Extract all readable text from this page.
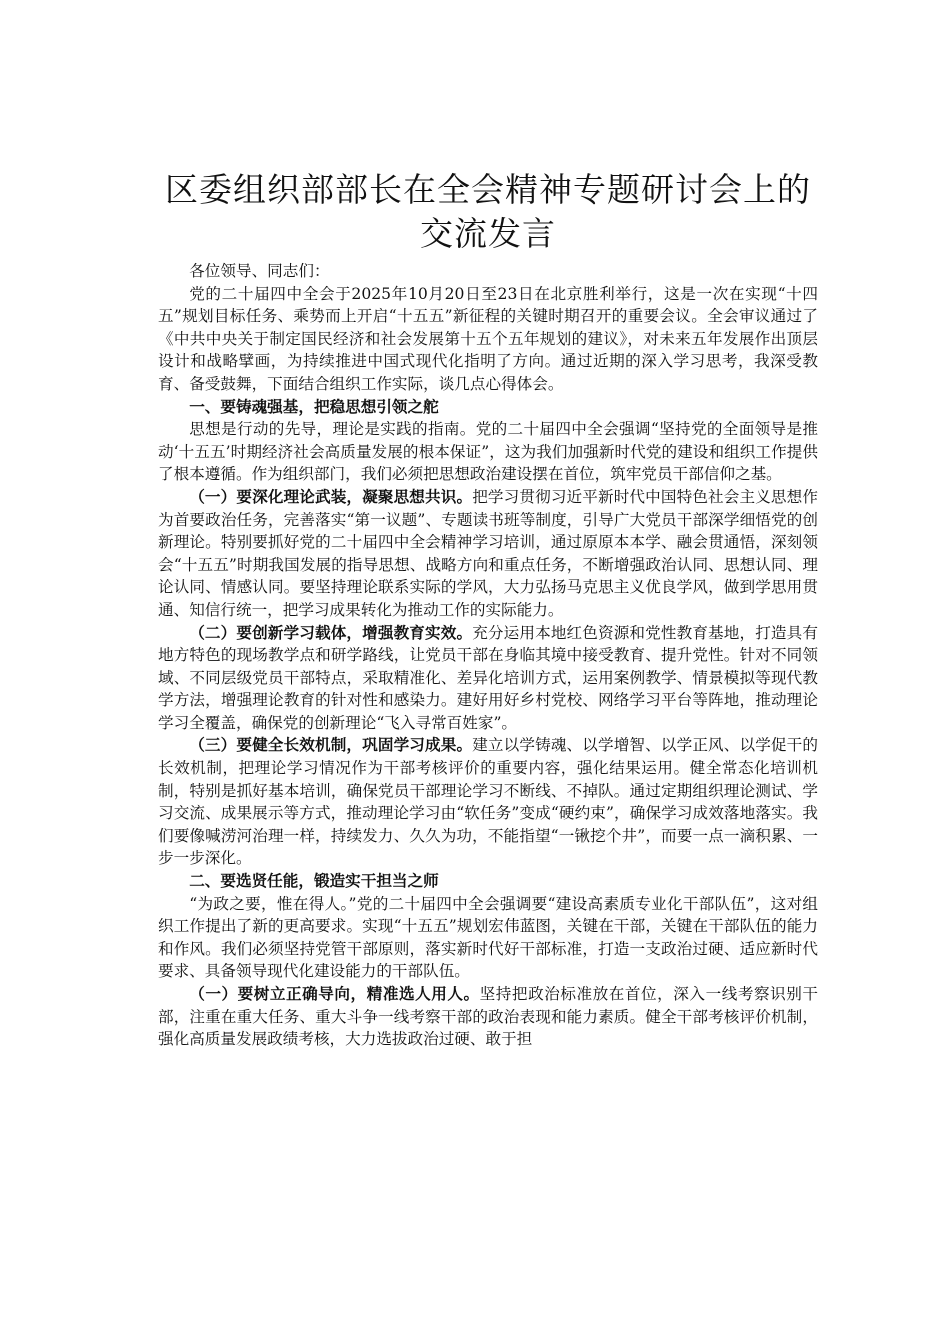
区委组织部部长在全会精神专题研讨会上的交流发言

各位领导、同志们：

党的二十届四中全会于2025年10月20日至23日在北京胜利举行，这是一次在实现“十四五”规划目标任务、乘势而上开启“十五五”新征程的关键时期召开的重要会议。全会审议通过了《中共中央关于制定国民经济和社会发展第十五个五年规划的建议》，对未来五年发展作出顶层设计和战略擘画，为持续推进中国式现代化指明了方向。通过近期的深入学习思考，我深受教育、备受鼓舞，下面结合组织工作实际，谈几点心得体会。

一、要铸魂强基，把稳思想引领之舵

思想是行动的先导，理论是实践的指南。党的二十届四中全会强调“坚持党的全面领导是推动‘十五五’时期经济社会高质量发展的根本保证”，这为我们加强新时代党的建设和组织工作提供了根本遵循。作为组织部门，我们必须把思想政治建设摆在首位，筑牢党员干部信仰之基。

（一）要深化理论武装，凝聚思想共识。把学习贯彻习近平新时代中国特色社会主义思想作为首要政治任务，完善落实“第一议题”、专题读书班等制度，引导广大党员干部深学细悟党的创新理论。特别要抓好党的二十届四中全会精神学习培训，通过原原本本学、融会贯通悟，深刻领会“十五五”时期我国发展的指导思想、战略方向和重点任务，不断增强政治认同、思想认同、理论认同、情感认同。要坚持理论联系实际的学风，大力弘扬马克思主义优良学风，做到学思用贯通、知信行统一，把学习成果转化为推动工作的实际能力。

（二）要创新学习载体，增强教育实效。充分运用本地红色资源和党性教育基地，打造具有地方特色的现场教学点和研学路线，让党员干部在身临其境中接受教育、提升党性。针对不同领域、不同层级党员干部特点，采取精准化、差异化培训方式，运用案例教学、情景模拟等现代教学方法，增强理论教育的针对性和感染力。建好用好乡村党校、网络学习平台等阵地，推动理论学习全覆盖，确保党的创新理论“飞入寻常百姓家”。

（三）要健全长效机制，巩固学习成果。建立以学铸魂、以学增智、以学正风、以学促干的长效机制，把理论学习情况作为干部考核评价的重要内容，强化结果运用。健全常态化培训机制，特别是抓好基本培训，确保党员干部理论学习不断线、不掉队。通过定期组织理论测试、学习交流、成果展示等方式，推动理论学习由“软任务”变成“硬约束”，确保学习成效落地落实。我们要像喊涝河治理一样，持续发力、久久为功，不能指望“一锹挖个井”，而要一点一滴积累、一步一步深化。

二、要选贤任能，锻造实干担当之师

“为政之要，惟在得人。”党的二十届四中全会强调要“建设高素质专业化干部队伍”，这对组织工作提出了新的更高要求。实现“十五五”规划宏伟蓝图，关键在干部，关键在干部队伍的能力和作风。我们必须坚持党管干部原则，落实新时代好干部标准，打造一支政治过硬、适应新时代要求、具备领导现代化建设能力的干部队伍。

（一）要树立正确导向，精准选人用人。坚持把政治标准放在首位，深入一线考察识别干部，注重在重大任务、重大斗争一线考察干部的政治表现和能力素质。健全干部考核评价机制，强化高质量发展政绩考核，大力选拔政治过硬、敢于担
